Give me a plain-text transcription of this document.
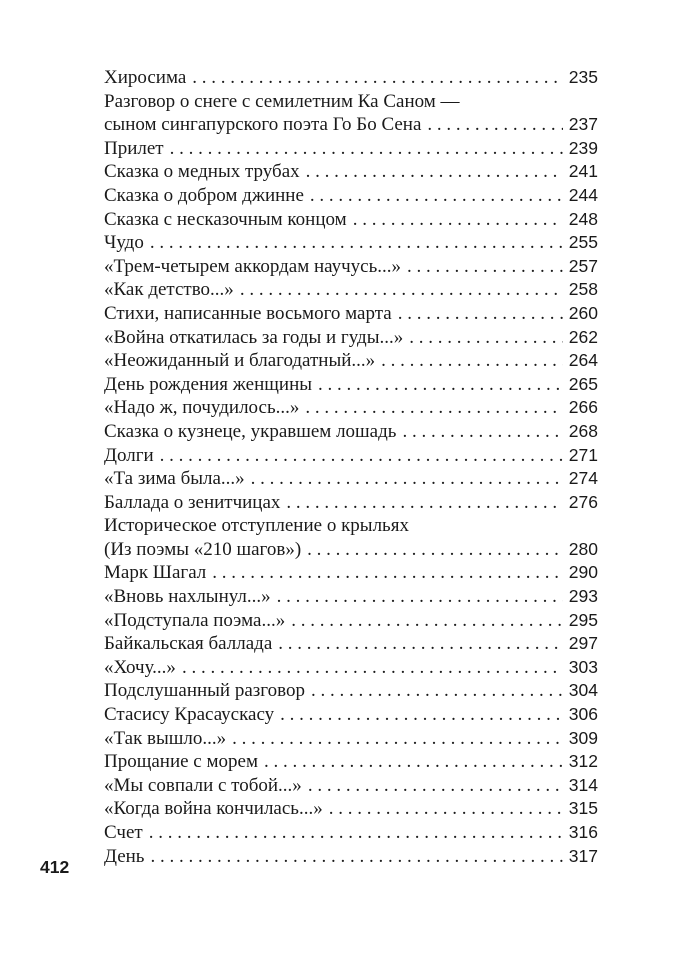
412
Хиросима . . .	235
Разговор о снеге с семилетним Ка Саном —
сыном сингапурского поэта Го Бо Сена . . .	237
Прилет . . .	239
Сказка о медных трубах . . .	241
Сказка о добром джинне . . .	244
Сказка с несказочным концом . . .	248
Чудо . . .	255
«Трем-четырем аккордам научусь...» . . .	257
«Как детство...» . . .	258
Стихи, написанные восьмого марта . . .	260
«Война откатилась за годы и гуды...» . . .	262
«Неожиданный и благодатный...» . . .	264
День рождения женщины . . .	265
«Надо ж, почудилось...» . . .	266
Сказка о кузнеце, укравшем лошадь . . .	268
Долги . . .	271
«Та зима была...» . . .	274
Баллада о зенитчицах . . .	276
Историческое отступление о крыльях
(Из поэмы «210 шагов») . . .	280
Марк Шагал . . .	290
«Вновь нахлынул...» . . .	293
«Подступала поэма...» . . .	295
Байкальская баллада . . .	297
«Хочу...» . . .	303
Подслушанный разговор . . .	304
Стасису Красаускасу . . .	306
«Так вышло...» . . .	309
Прощание с морем . . .	312
«Мы совпали с тобой...» . . .	314
«Когда война кончилась...» . . .	315
Счет . . .	316
День . . .	317
